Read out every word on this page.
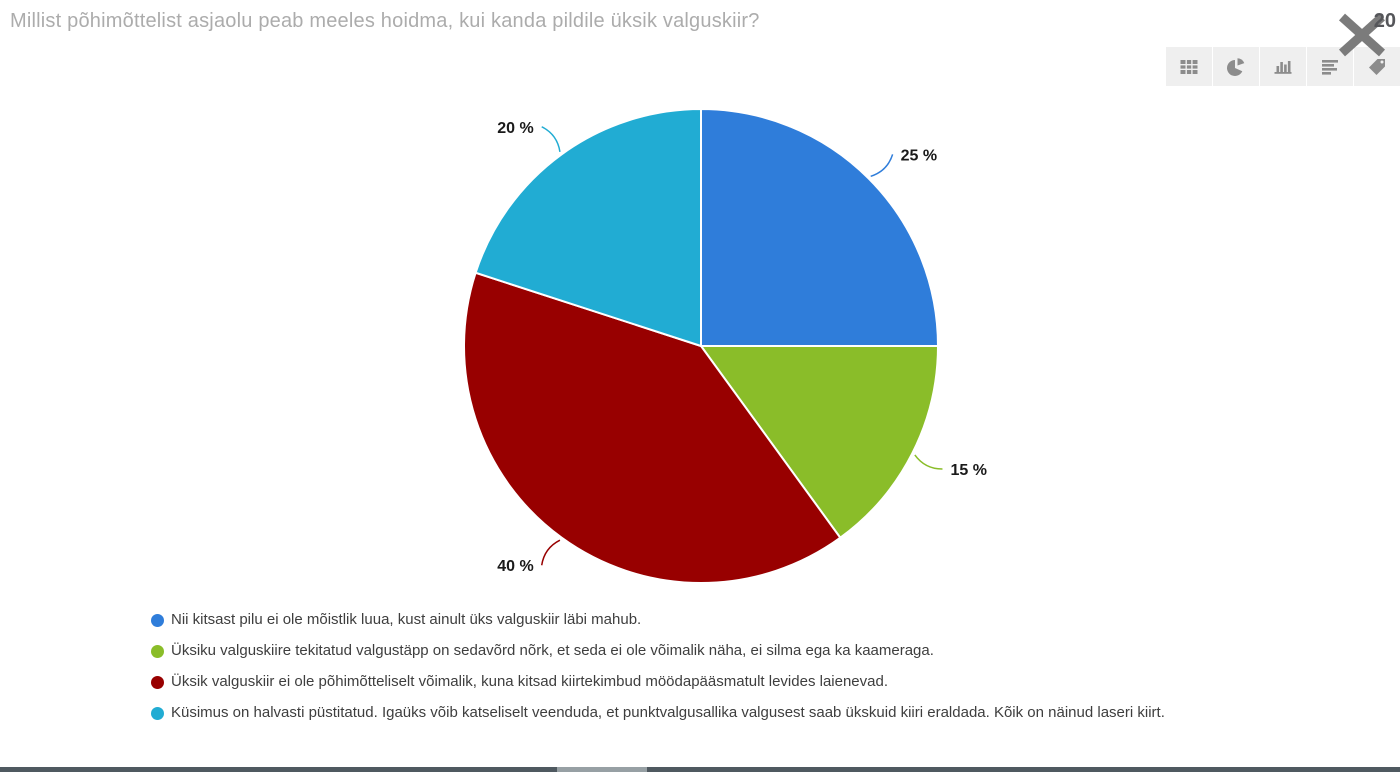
Millist põhimõttelist asjaolu peab meeles hoidma, kui kanda pildile üksik valguskiir?	20
25 %
15 %
40 %
20 %
Nii kitsast pilu ei ole mõistlik luua, kust ainult üks valguskiir läbi mahub.
Üksiku valguskiire tekitatud valgustäpp on sedavõrd nõrk, et seda ei ole võimalik näha, ei silma ega ka kaameraga.
Üksik valguskiir ei ole põhimõtteliselt võimalik, kuna kitsad kiirtekimbud möödapääsmatult levides laienevad.
Küsimus on halvasti püstitatud. Igaüks võib katseliselt veenduda, et punktvalgusallika valgusest saab ükskuid kiiri eraldada. Kõik on näinud laseri kiirt.
